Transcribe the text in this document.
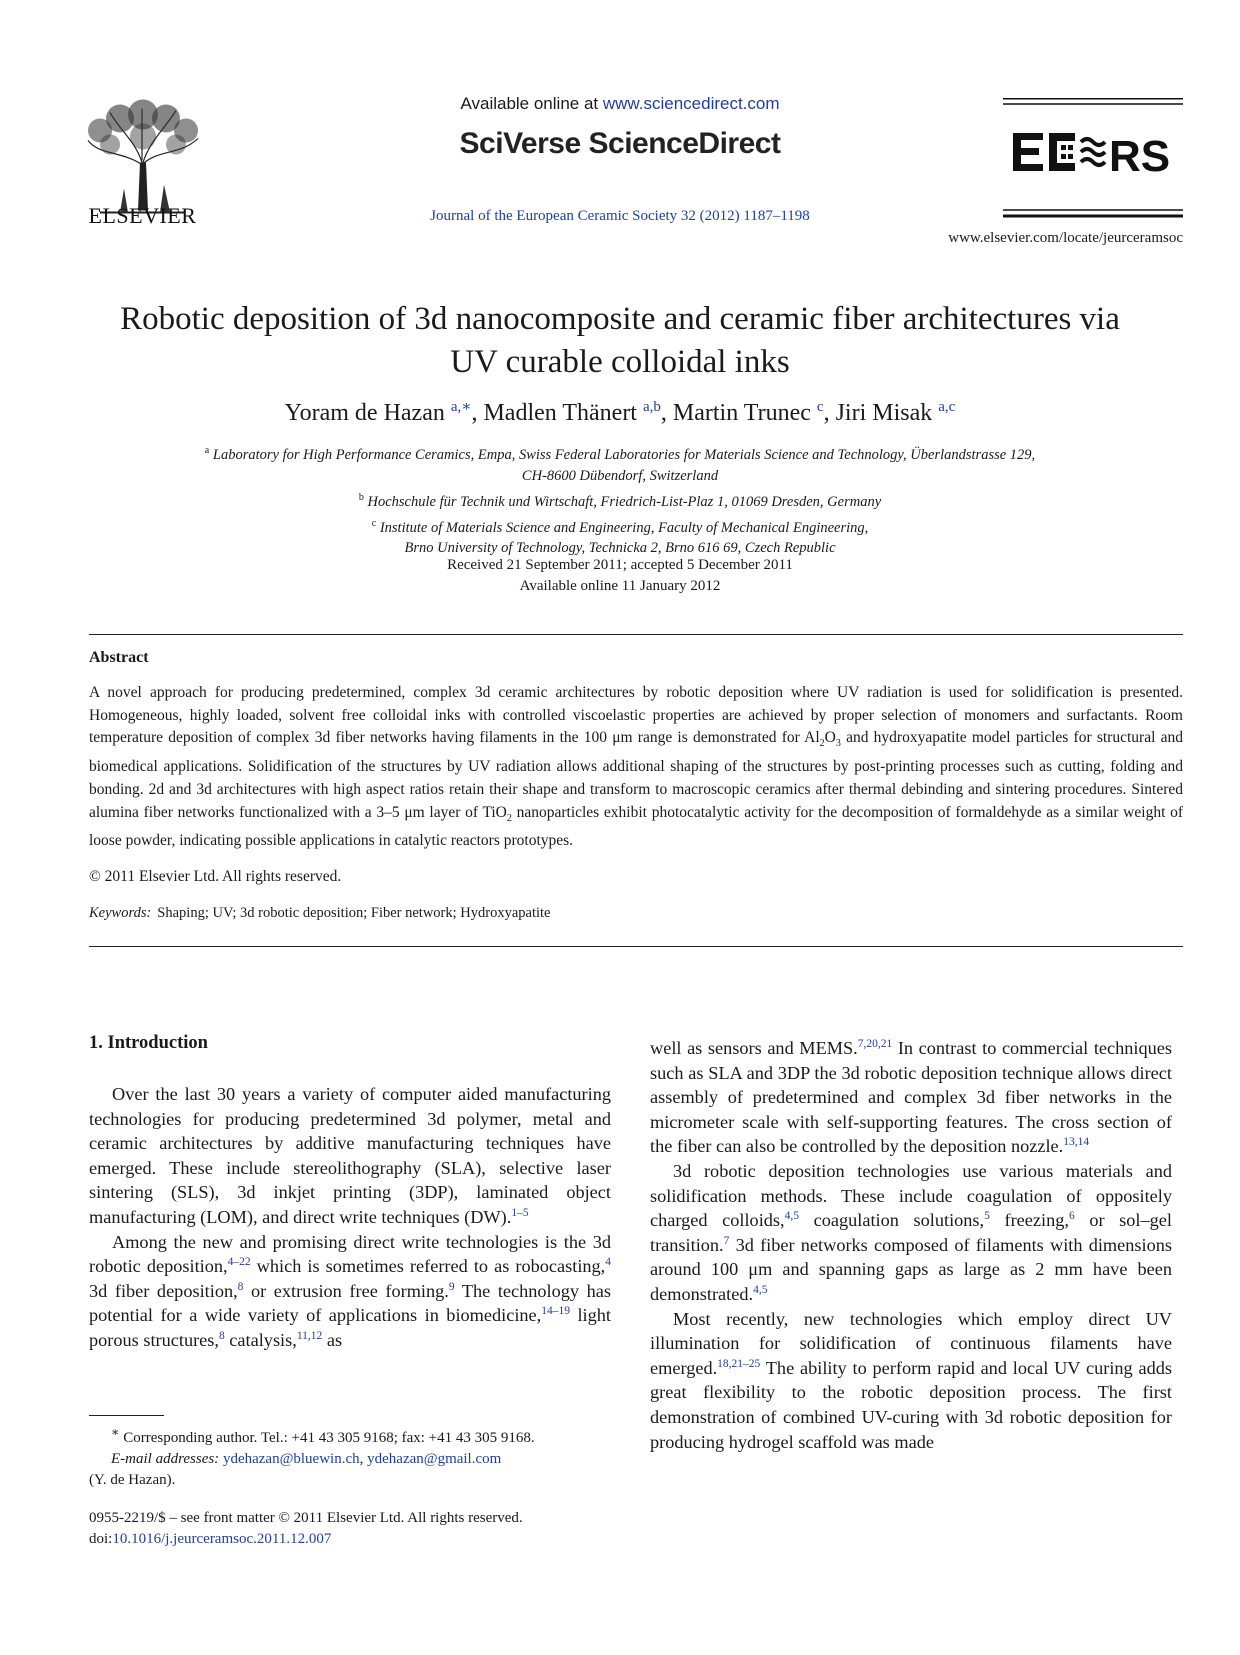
ELSEVIER
Available online at www.sciencedirect.com
SciVerse ScienceDirect
Journal of the European Ceramic Society 32 (2012) 1187–1198
RS
www.elsevier.com/locate/jeurceramsoc
Robotic deposition of 3d nanocomposite and ceramic fiber architectures via
UV curable colloidal inks
Yoram de Hazan $^{a,∗}$, Madlen Thänert $^{a,b}$, Martin Trunec $^c$, Jiri Misak $^{a,c}$
$^a$ Laboratory for High Performance Ceramics, Empa, Swiss Federal Laboratories for Materials Science and Technology, Überlandstrasse 129,
CH-8600 Dübendorf, Switzerland
$^b$ Hochschule für Technik und Wirtschaft, Friedrich-List-Plaz 1, 01069 Dresden, Germany
$^c$ Institute of Materials Science and Engineering, Faculty of Mechanical Engineering,
Brno University of Technology, Technicka 2, Brno 616 69, Czech Republic
Received 21 September 2011; accepted 5 December 2011
Available online 11 January 2012
Abstract
A novel approach for producing predetermined, complex 3d ceramic architectures by robotic deposition where UV radiation is used for solidification is presented. Homogeneous, highly loaded, solvent free colloidal inks with controlled viscoelastic properties are achieved by proper selection of monomers and surfactants. Room temperature deposition of complex 3d fiber networks having filaments in the 100 μm range is demonstrated for $Al_2O_3$ and hydroxyapatite model particles for structural and biomedical applications. Solidification of the structures by UV radiation allows additional shaping of the structures by post-printing processes such as cutting, folding and bonding. 2d and 3d architectures with high aspect ratios retain their shape and transform to macroscopic ceramics after thermal debinding and sintering procedures. Sintered alumina fiber networks functionalized with a 3–5 μm layer of TiO$_2$ nanoparticles exhibit photocatalytic activity for the decomposition of formaldehyde as a similar weight of loose powder, indicating possible applications in catalytic reactors prototypes.
© 2011 Elsevier Ltd. All rights reserved.
Keywords: Shaping; UV; 3d robotic deposition; Fiber network; Hydroxyapatite
1. Introduction

Over the last 30 years a variety of computer aided manufacturing technologies for producing predetermined 3d polymer, metal and ceramic architectures by additive manufacturing techniques have emerged. These include stereolithography (SLA), selective laser sintering (SLS), 3d inkjet printing (3DP), laminated object manufacturing (LOM), and direct write techniques (DW).$^{1-5}$

Among the new and promising direct write technologies is the 3d robotic deposition,$^{4-22}$ which is sometimes referred to as robocasting,$^4$ 3d fiber deposition,$^8$ or extrusion free forming.$^9$ The technology has potential for a wide variety of applications in biomedicine,$^{14-19}$ light porous structures,$^8$ catalysis,$^{11,12}$ as

well as sensors and MEMS.$^{7,20,21}$ In contrast to commercial techniques such as SLA and 3DP the 3d robotic deposition technique allows direct assembly of predetermined and complex 3d fiber networks in the micrometer scale with self-supporting features. The cross section of the fiber can also be controlled by the deposition nozzle.$^{13,14}$

3d robotic deposition technologies use various materials and solidification methods. These include coagulation of oppositely charged colloids,$^{4,5}$ coagulation solutions,$^5$ freezing,$^6$ or sol–gel transition.$^7$ 3d fiber networks composed of filaments with dimensions around 100 μm and spanning gaps as large as 2 mm have been demonstrated.$^{4,5}$

Most recently, new technologies which employ direct UV illumination for solidification of continuous filaments have emerged.$^{18,21-25}$ The ability to perform rapid and local UV curing adds great flexibility to the robotic deposition process. The first demonstration of combined UV-curing with 3d robotic deposition for producing hydrogel scaffold was made

∗ Corresponding author. Tel.: +41 43 305 9168; fax: +41 43 305 9168.
E-mail addresses: ydehazan@bluewin.ch, ydehazan@gmail.com
(Y. de Hazan).
0955-2219/$ – see front matter © 2011 Elsevier Ltd. All rights reserved.
doi:10.1016/j.jeurceramsoc.2011.12.007
